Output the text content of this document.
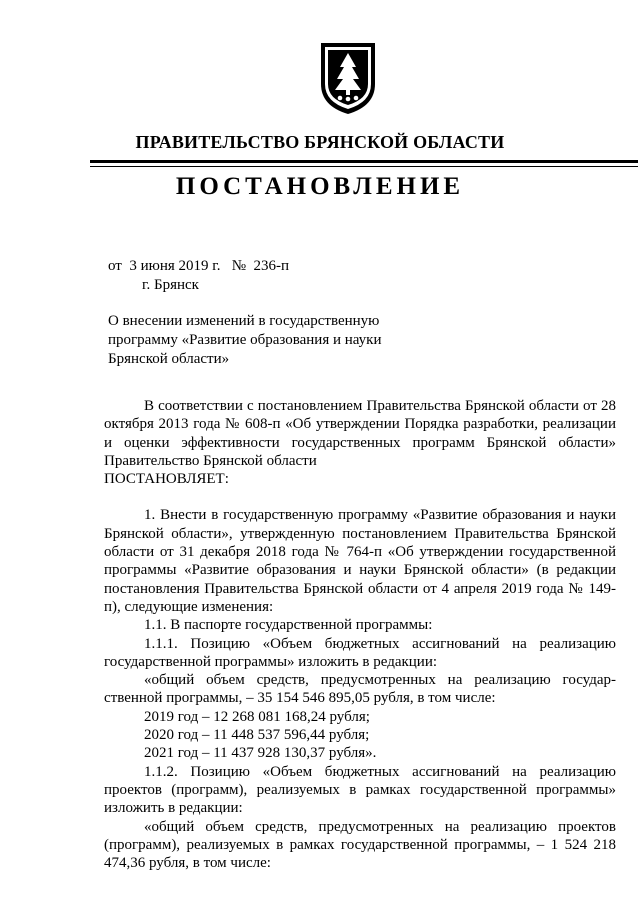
ПРАВИТЕЛЬСТВО БРЯНСКОЙ ОБЛАСТИ
ПОСТАНОВЛЕНИЕ
от  3 июня 2019 г.   №  236-п
г. Брянск
О внесении изменений в государственную
программу «Развитие образования и науки
Брянской области»

В соответствии с постановлением Правительства Брянской области от 28 октября 2013 года № 608-п «Об утверждении Порядка разработки, реализации и оценки эффективности государственных программ Брянской области» Правительство Брянской области

ПОСТАНОВЛЯЕТ:

1. Внести в государственную программу «Развитие образования и науки Брянской области», утвержденную постановлением Правительства Брянской области от 31 декабря 2018 года № 764-п «Об утверждении государственной программы «Развитие образования и науки Брянской области» (в редакции постановления Правительства Брянской области от 4 апреля 2019 года № 149-п), следующие изменения:

1.1. В паспорте государственной программы:

1.1.1. Позицию «Объем бюджетных ассигнований на реализацию государственной программы» изложить в редакции:

«общий объем средств, предусмотренных на реализацию государ-ственной программы, – 35 154 546 895,05 рубля, в том числе:

2019 год – 12 268 081 168,24 рубля;

2020 год – 11 448 537 596,44 рубля;

2021 год – 11 437 928 130,37 рубля».

1.1.2. Позицию «Объем бюджетных ассигнований на реализацию проектов (программ), реализуемых в рамках государственной программы» изложить в редакции:

«общий объем средств, предусмотренных на реализацию проектов (программ), реализуемых в рамках государственной программы, – 1 524 218 474,36 рубля, в том числе:
